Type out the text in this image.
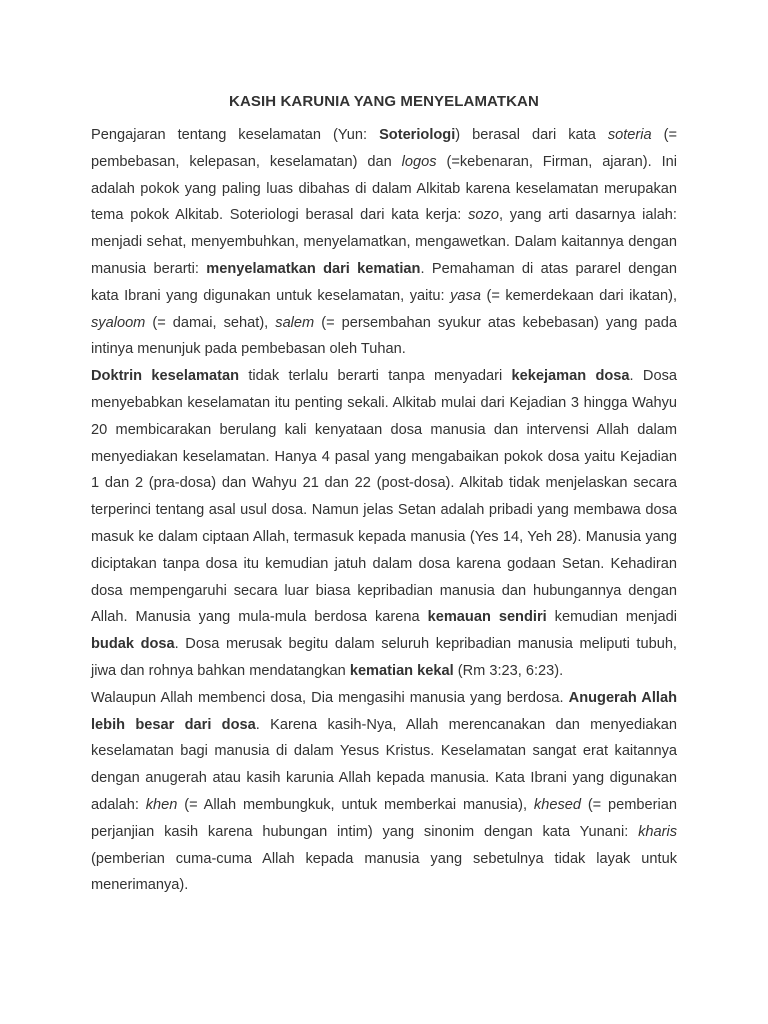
KASIH KARUNIA YANG MENYELAMATKAN

Pengajaran tentang keselamatan (Yun: Soteriologi) berasal dari kata soteria (= pembebasan, kelepasan, keselamatan) dan logos (=kebenaran, Firman, ajaran). Ini adalah pokok yang paling luas dibahas di dalam Alkitab karena keselamatan merupakan tema pokok Alkitab. Soteriologi berasal dari kata kerja: sozo, yang arti dasarnya ialah: menjadi sehat, menyembuhkan, menyelamatkan, mengawetkan. Dalam kaitannya dengan manusia berarti: menyelamatkan dari kematian. Pemahaman di atas pararel dengan kata Ibrani yang digunakan untuk keselamatan, yaitu: yasa (= kemerdekaan dari ikatan), syaloom (= damai, sehat), salem (= persembahan syukur atas kebebasan) yang pada intinya menunjuk pada pembebasan oleh Tuhan.

Doktrin keselamatan tidak terlalu berarti tanpa menyadari kekejaman dosa. Dosa menyebabkan keselamatan itu penting sekali. Alkitab mulai dari Kejadian 3 hingga Wahyu 20 membicarakan berulang kali kenyataan dosa manusia dan intervensi Allah dalam menyediakan keselamatan. Hanya 4 pasal yang mengabaikan pokok dosa yaitu Kejadian 1 dan 2 (pra-dosa) dan Wahyu 21 dan 22 (post-dosa). Alkitab tidak menjelaskan secara terperinci tentang asal usul dosa. Namun jelas Setan adalah pribadi yang membawa dosa masuk ke dalam ciptaan Allah, termasuk kepada manusia (Yes 14, Yeh 28). Manusia yang diciptakan tanpa dosa itu kemudian jatuh dalam dosa karena godaan Setan. Kehadiran dosa mempengaruhi secara luar biasa kepribadian manusia dan hubungannya dengan Allah. Manusia yang mula-mula berdosa karena kemauan sendiri kemudian menjadi budak dosa. Dosa merusak begitu dalam seluruh kepribadian manusia meliputi tubuh, jiwa dan rohnya bahkan mendatangkan kematian kekal (Rm 3:23, 6:23).

Walaupun Allah membenci dosa, Dia mengasihi manusia yang berdosa. Anugerah Allah lebih besar dari dosa. Karena kasih-Nya, Allah merencanakan dan menyediakan keselamatan bagi manusia di dalam Yesus Kristus. Keselamatan sangat erat kaitannya dengan anugerah atau kasih karunia Allah kepada manusia. Kata Ibrani yang digunakan adalah: khen (= Allah membungkuk, untuk memberkai manusia), khesed (= pemberian perjanjian kasih karena hubungan intim) yang sinonim dengan kata Yunani: kharis (pemberian cuma-cuma Allah kepada manusia yang sebetulnya tidak layak untuk menerimanya).
